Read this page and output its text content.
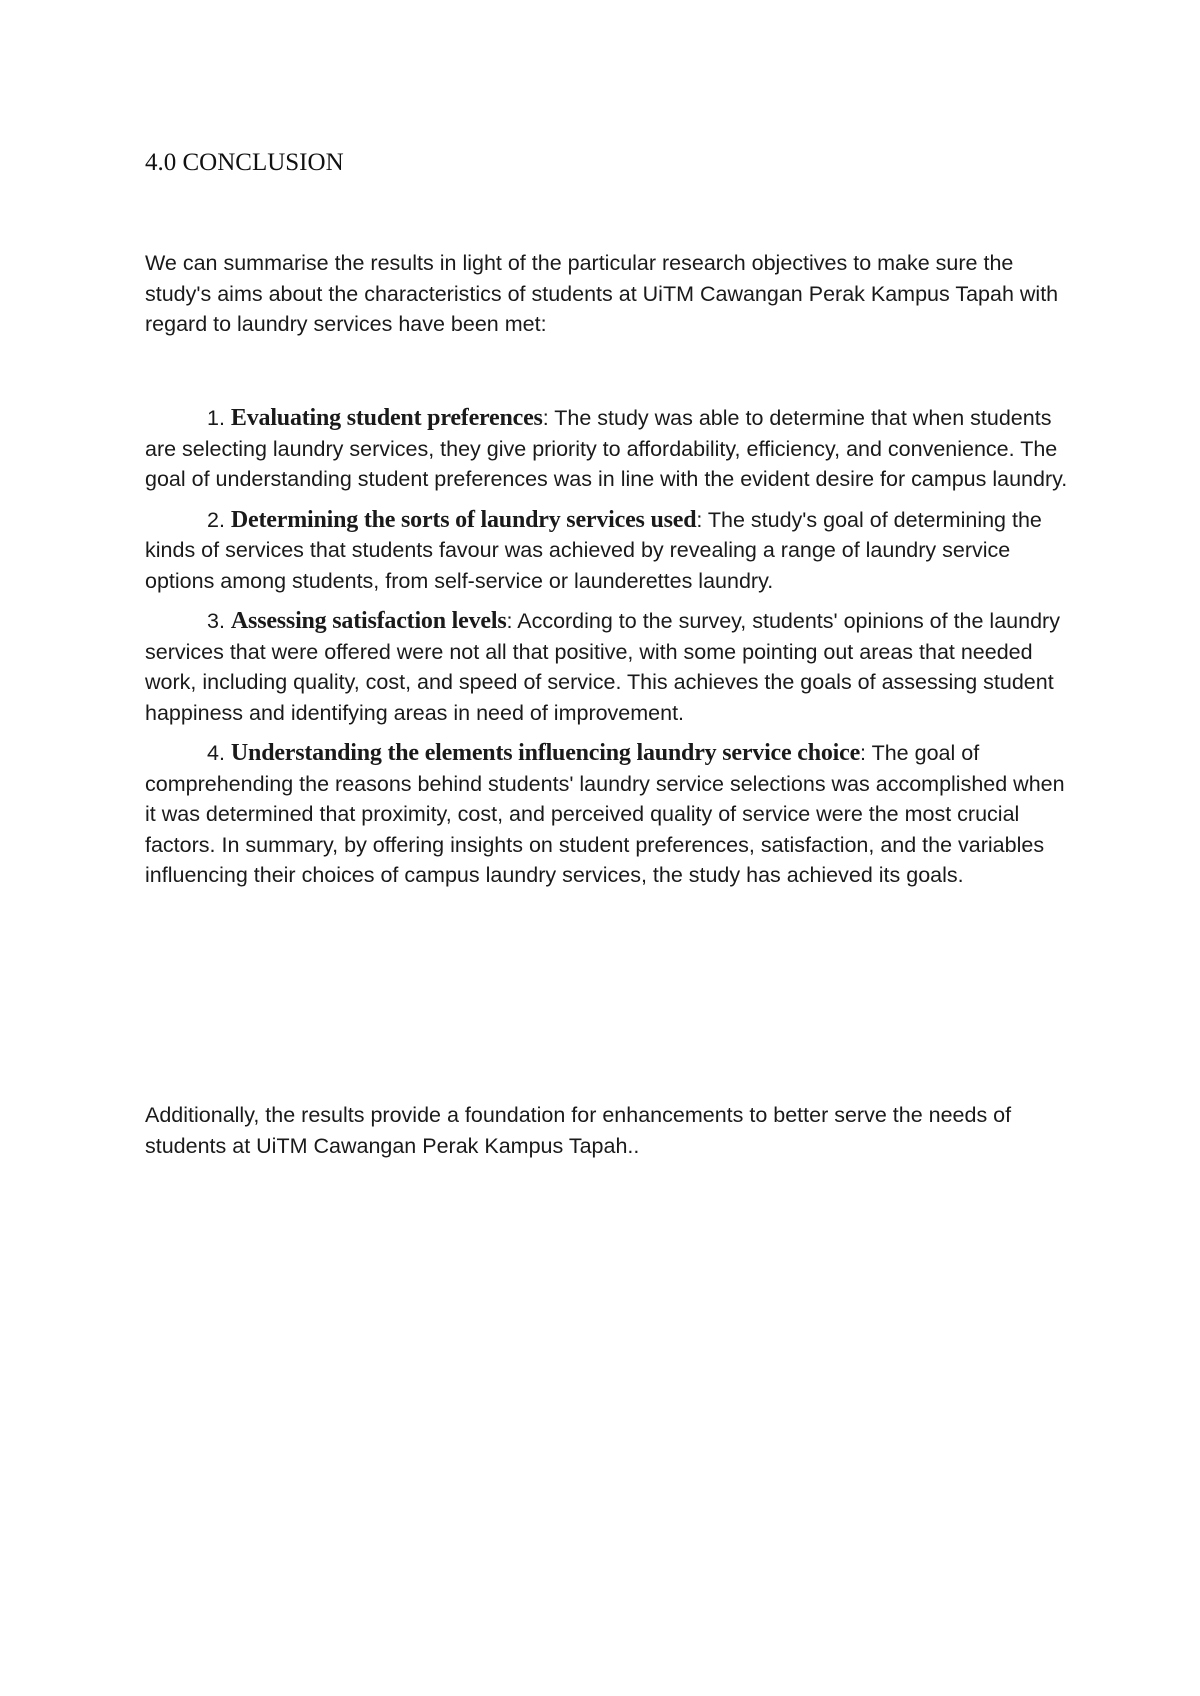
4.0 CONCLUSION

We can summarise the results in light of the particular research objectives to make sure the study's aims about the characteristics of students at UiTM Cawangan Perak Kampus Tapah with regard to laundry services have been met:

1. Evaluating student preferences: The study was able to determine that when students are selecting laundry services, they give priority to affordability, efficiency, and convenience. The goal of understanding student preferences was in line with the evident desire for campus laundry.

2. Determining the sorts of laundry services used: The study's goal of determining the kinds of services that students favour was achieved by revealing a range of laundry service options among students, from self-service or launderettes laundry.

3. Assessing satisfaction levels: According to the survey, students' opinions of the laundry services that were offered were not all that positive, with some pointing out areas that needed work, including quality, cost, and speed of service. This achieves the goals of assessing student happiness and identifying areas in need of improvement.

4. Understanding the elements influencing laundry service choice: The goal of comprehending the reasons behind students' laundry service selections was accomplished when it was determined that proximity, cost, and perceived quality of service were the most crucial factors. In summary, by offering insights on student preferences, satisfaction, and the variables influencing their choices of campus laundry services, the study has achieved its goals.

Additionally, the results provide a foundation for enhancements to better serve the needs of students at UiTM Cawangan Perak Kampus Tapah..
